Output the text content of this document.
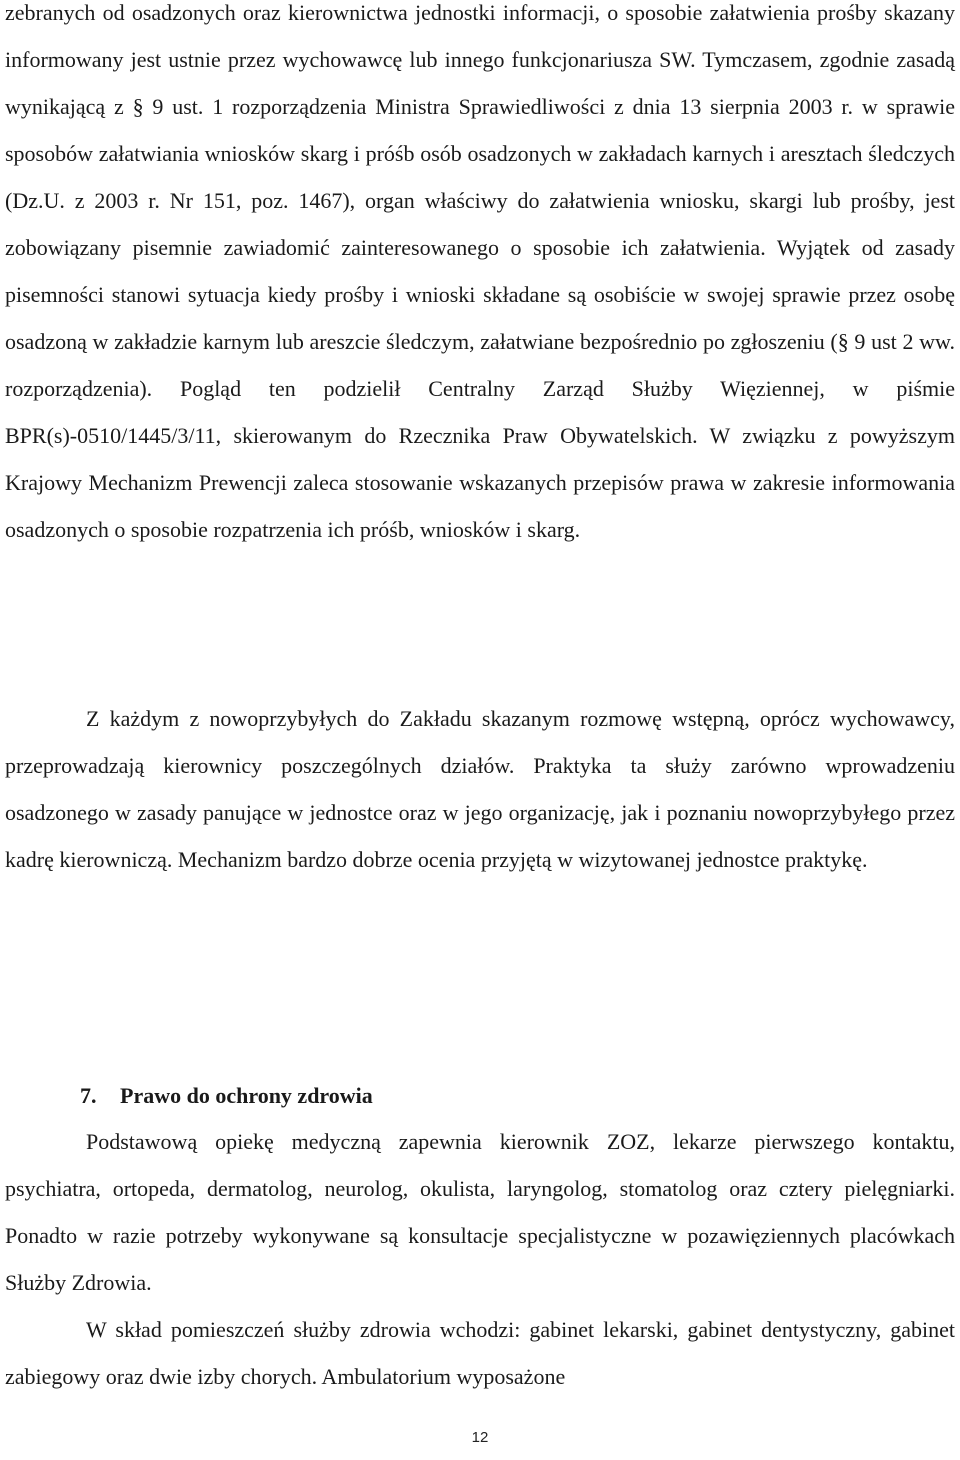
zebranych od osadzonych oraz kierownictwa jednostki informacji, o sposobie załatwienia prośby skazany informowany jest ustnie przez wychowawcę lub innego funkcjonariusza SW. Tymczasem, zgodnie zasadą wynikającą z § 9 ust. 1 rozporządzenia Ministra Sprawiedliwości z dnia 13 sierpnia 2003 r. w sprawie sposobów załatwiania wniosków skarg i próśb osób osadzonych w zakładach karnych i aresztach śledczych (Dz.U. z 2003 r. Nr 151, poz. 1467), organ właściwy do załatwienia wniosku, skargi lub prośby, jest zobowiązany pisemnie zawiadomić zainteresowanego o sposobie ich załatwienia. Wyjątek od zasady pisemności stanowi sytuacja kiedy prośby i wnioski składane są osobiście w swojej sprawie przez osobę osadzoną w zakładzie karnym lub areszcie śledczym, załatwiane bezpośrednio po zgłoszeniu (§ 9 ust 2 ww. rozporządzenia). Pogląd ten podzielił Centralny Zarząd Służby Więziennej, w piśmie BPR(s)-0510/1445/3/11, skierowanym do Rzecznika Praw Obywatelskich. W związku z powyższym Krajowy Mechanizm Prewencji zaleca stosowanie wskazanych przepisów prawa w zakresie informowania osadzonych o sposobie rozpatrzenia ich próśb, wniosków i skarg.

Z każdym z nowoprzybyłych do Zakładu skazanym rozmowę wstępną, oprócz wychowawcy, przeprowadzają kierownicy poszczególnych działów. Praktyka ta służy zarówno wprowadzeniu osadzonego w zasady panujące w jednostce oraz w jego organizację, jak i poznaniu nowoprzybyłego przez kadrę kierowniczą. Mechanizm bardzo dobrze ocenia przyjętą w wizytowanej jednostce praktykę.

7. Prawo do ochrony zdrowia

Podstawową opiekę medyczną zapewnia kierownik ZOZ, lekarze pierwszego kontaktu, psychiatra, ortopeda, dermatolog, neurolog, okulista, laryngolog, stomatolog oraz cztery pielęgniarki. Ponadto w razie potrzeby wykonywane są konsultacje specjalistyczne w pozawięziennych placówkach Służby Zdrowia.

W skład pomieszczeń służby zdrowia wchodzi: gabinet lekarski, gabinet dentystyczny, gabinet zabiegowy oraz dwie izby chorych. Ambulatorium wyposażone

12
